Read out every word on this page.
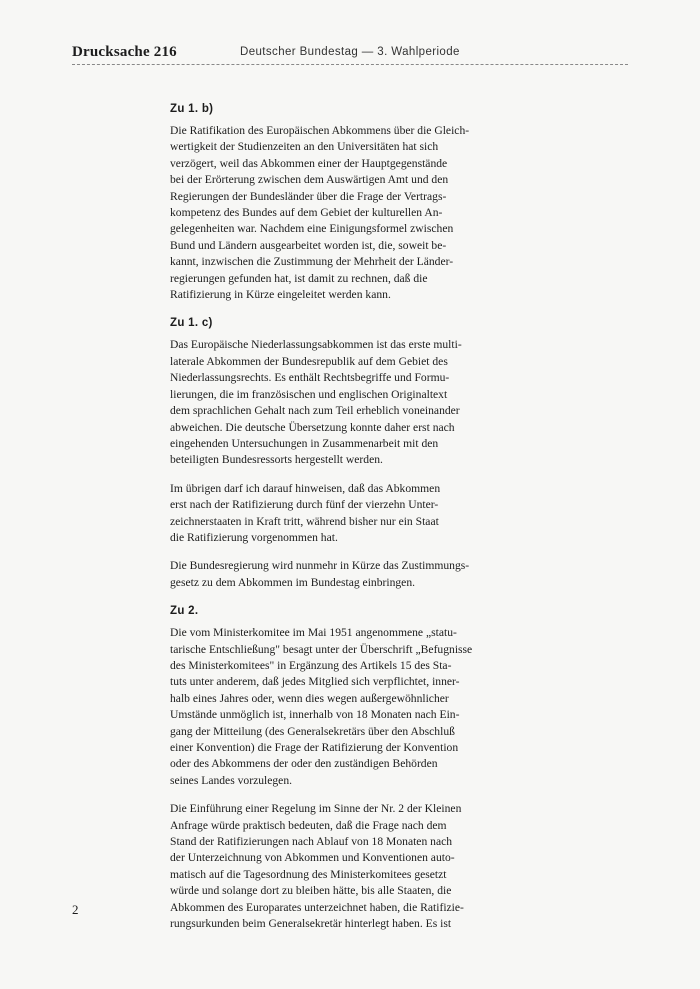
Drucksache 216	Deutscher Bundestag — 3. Wahlperiode

Zu 1. b)

Die Ratifikation des Europäischen Abkommens über die Gleich-
wertigkeit der Studienzeiten an den Universitäten hat sich
verzögert, weil das Abkommen einer der Hauptgegenstände
bei der Erörterung zwischen dem Auswärtigen Amt und den
Regierungen der Bundesländer über die Frage der Vertrags-
kompetenz des Bundes auf dem Gebiet der kulturellen An-
gelegenheiten war. Nachdem eine Einigungsformel zwischen
Bund und Ländern ausgearbeitet worden ist, die, soweit be-
kannt, inzwischen die Zustimmung der Mehrheit der Länder-
regierungen gefunden hat, ist damit zu rechnen, daß die
Ratifizierung in Kürze eingeleitet werden kann.

Zu 1. c)

Das Europäische Niederlassungsabkommen ist das erste multi-
laterale Abkommen der Bundesrepublik auf dem Gebiet des
Niederlassungsrechts. Es enthält Rechtsbegriffe und Formu-
lierungen, die im französischen und englischen Originaltext
dem sprachlichen Gehalt nach zum Teil erheblich voneinander
abweichen. Die deutsche Übersetzung konnte daher erst nach
eingehenden Untersuchungen in Zusammenarbeit mit den
beteiligten Bundesressorts hergestellt werden.

Im übrigen darf ich darauf hinweisen, daß das Abkommen
erst nach der Ratifizierung durch fünf der vierzehn Unter-
zeichnerstaaten in Kraft tritt, während bisher nur ein Staat
die Ratifizierung vorgenommen hat.

Die Bundesregierung wird nunmehr in Kürze das Zustimmungs-
gesetz zu dem Abkommen im Bundestag einbringen.

Zu 2.

Die vom Ministerkomitee im Mai 1951 angenommene „statu-
tarische Entschließung" besagt unter der Überschrift „Befugnisse
des Ministerkomitees" in Ergänzung des Artikels 15 des Sta-
tuts unter anderem, daß jedes Mitglied sich verpflichtet, inner-
halb eines Jahres oder, wenn dies wegen außergewöhnlicher
Umstände unmöglich ist, innerhalb von 18 Monaten nach Ein-
gang der Mitteilung (des Generalsekretärs über den Abschluß
einer Konvention) die Frage der Ratifizierung der Konvention
oder des Abkommens der oder den zuständigen Behörden
seines Landes vorzulegen.

Die Einführung einer Regelung im Sinne der Nr. 2 der Kleinen
Anfrage würde praktisch bedeuten, daß die Frage nach dem
Stand der Ratifizierungen nach Ablauf von 18 Monaten nach
der Unterzeichnung von Abkommen und Konventionen auto-
matisch auf die Tagesordnung des Ministerkomitees gesetzt
würde und solange dort zu bleiben hätte, bis alle Staaten, die
Abkommen des Europarates unterzeichnet haben, die Ratifizie-
rungsurkunden beim Generalsekretär hinterlegt haben. Es ist

2
